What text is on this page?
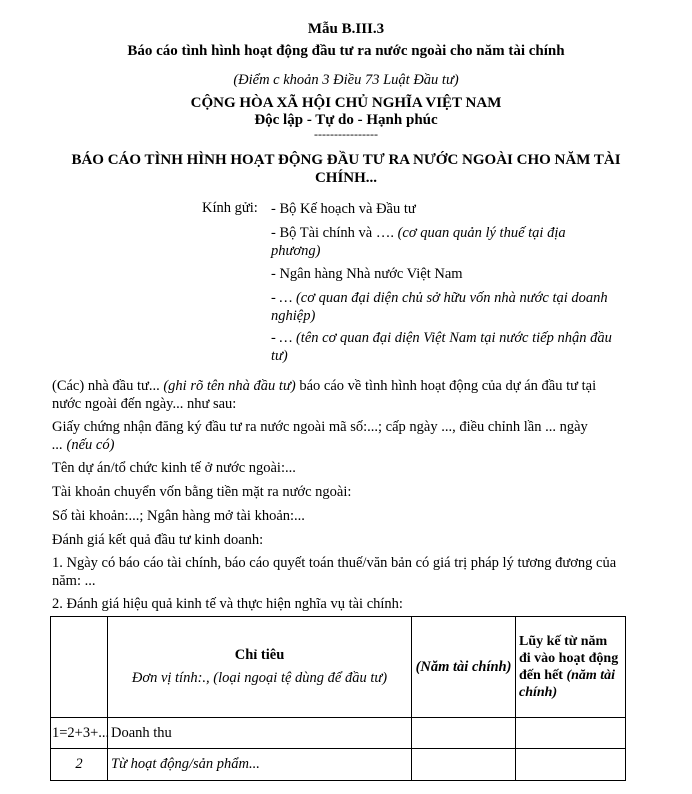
Mẫu B.III.3
Báo cáo tình hình hoạt động đầu tư ra nước ngoài cho năm tài chính
(Điểm c khoản 3 Điều 73 Luật Đầu tư)
CỘNG HÒA XÃ HỘI CHỦ NGHĨA VIỆT NAM
Độc lập - Tự do - Hạnh phúc
----------------
BÁO CÁO TÌNH HÌNH HOẠT ĐỘNG ĐẦU TƯ RA NƯỚC NGOÀI CHO NĂM TÀI
CHÍNH...
Kính gửi: - Bộ Kế hoạch và Đầu tư
- Bộ Tài chính và …. (cơ quan quản lý thuế tại địa
phương)
- Ngân hàng Nhà nước Việt Nam
- … (cơ quan đại diện chủ sở hữu vốn nhà nước tại doanh
nghiệp)
- … (tên cơ quan đại diện Việt Nam tại nước tiếp nhận đầu
tư)
(Các) nhà đầu tư... (ghi rõ tên nhà đầu tư) báo cáo về tình hình hoạt động của dự án đầu tư tại
nước ngoài đến ngày... như sau:
Giấy chứng nhận đăng ký đầu tư ra nước ngoài mã số:...; cấp ngày ..., điều chỉnh lần ... ngày
... (nếu có)
Tên dự án/tổ chức kinh tế ở nước ngoài:...
Tài khoản chuyển vốn bằng tiền mặt ra nước ngoài:
Số tài khoản:...; Ngân hàng mở tài khoản:...
Đánh giá kết quả đầu tư kinh doanh:
1. Ngày có báo cáo tài chính, báo cáo quyết toán thuế/văn bản có giá trị pháp lý tương đương của
năm: ...
2. Đánh giá hiệu quả kinh tế và thực hiện nghĩa vụ tài chính:

	Chỉ tiêu
Đơn vị tính:., (loại ngoại tệ dùng để đầu tư)	(Năm tài chính)	Lũy kế từ năm đi vào hoạt động đến hết (năm tài chính)
1=2+3+...	Doanh thu		
2	Từ hoạt động/sản phẩm...		
